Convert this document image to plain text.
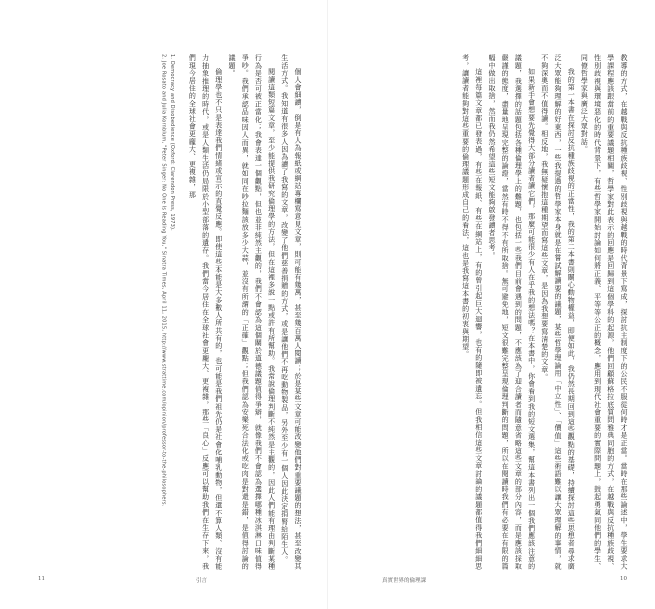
個人會細讀，倒是有人為報紙或網站專欄寫意見文章，則可能有幾萬，甚至幾百萬人閱讀；於是某些文章可能改變他們對重要議題的想法，甚至改變其生活方式。我知道有很多人因為讀了我寫的文章，改變了他們慈善捐贈的方式，或是讓他們不再吃動物製品，另外至少有一個人因此決定捐腎給陌生人。

閱讀這類短篇文章，至少能提供我研究倫理學的方法，但在這裡多說一點或許有所幫助。我常說倫理判斷不純然是主觀的，因此人們能有理由判斷某種行為是否可被正當化；我會表達一個觀點，但也並非純然主觀的，我們不會認為這個關於道德議題值得爭辯，就像我們不會認為選擇哪種冰淇淋口味值得爭吵。我們承認品味因人而異，就如同在吵拉麵該放多少大蒜，並沒有所謂的「正確」觀點；但我們認為安樂死合法化或吃肉是對還是錯，是值得討論的議題。

倫理學也不只是表達我們情緒或宣示的直覺反應。即使這些本能是大多數人所共有的，也可能是我們祖先仍是社會化哺乳動物，但還不算人類、沒有能力抽象推理的時代，或是人類生活仍局限於小型部落的遺存。我們當今居住在全球社會更龐大、更複雜，那些「良心」反應可以幫助我們在生存下來，我們現今居住的全球社會更龐大、更複雜，那

1. Democracy and Disobedience (Oxford: Clarendon Press, 1973).

2. Joe Rosato and Julia Kornblum, "Peter Singer: No One Is Reading You," Sinatra Times, April 11, 2015, http://www.strattime.com/opinion/professor-to-the-philosophers.

11	引言

教導的方式，在越戰與反抗種族歧視、性別歧視與越戰的時代背景下寫成，探討抗主制度下的公民不服從何時才是正當。當時在那些論述中，學生要求大學課程應該跟當前的重要議題相關，哲學家對此表示的回應是回歸到這個學科的起源，他們回顧蘇格拉底質問雅典同胞的方式，在越戰與反抗種族歧視、性別歧視與環境惡化的時代背景下，有些哲學家開始討論如何將正義、平等等公正的概念，應用到現代社會重要的實際問題上，鼓起勇氣同他們的學生、同僚哲學家與廣泛大眾對話。

我的第一本書在探討反抗種族歧視的正當性，我的第二本書則關心動物權益，即便如此，我仍然長期回到這些觀點的基礎，持續探討這些思想者尋求廣泛大眾能夠理解的好東西，一些我提過的哲學家本身就是在嘗試解讀要的議題，某些哲學理論用「中立性」、「價值」這些術語難以讓大眾理解的事情，就不夠深奧而不值得讀。相反地，我無疑懷抱這種期望而寫這些文章，是因為我想要寫清楚的文章。

如果新手會想要先覺得大部分讀者讀它們，那麼可能很少有人在乎我的想法嗎？在本書中，你會看到我的短文選集，幫這本書列出一個我們應該注意的議題，我選擇的話題包括各種倫理學上的難題，也包括一些我們目前會遇到的問題，不應該為了迎合讀者而隨意省略這些文章的部分內容，而是應該採取嚴謹的態度，盡量地呈現完整的論證，當然有時不得不有所取捨。無可避免地，短文很難完整呈現倫理判斷的問題，所以在閱讀時我們有必要在有限的篇幅中做出取捨，然而我仍然希望這些短文能夠啟發讀者思考。

這裡每篇文章都已發表過，有些在報紙、有些在網站上，有的曾引起巨大迴響，也有的隨即被遺忘。但我相信這些文章討論的議題都值得我們細細思考，讓讀者能夠對這些重要的倫理議題形成自己的看法，這也是我寫這本書的初衷與期望。

真實世界的倫理課	10
